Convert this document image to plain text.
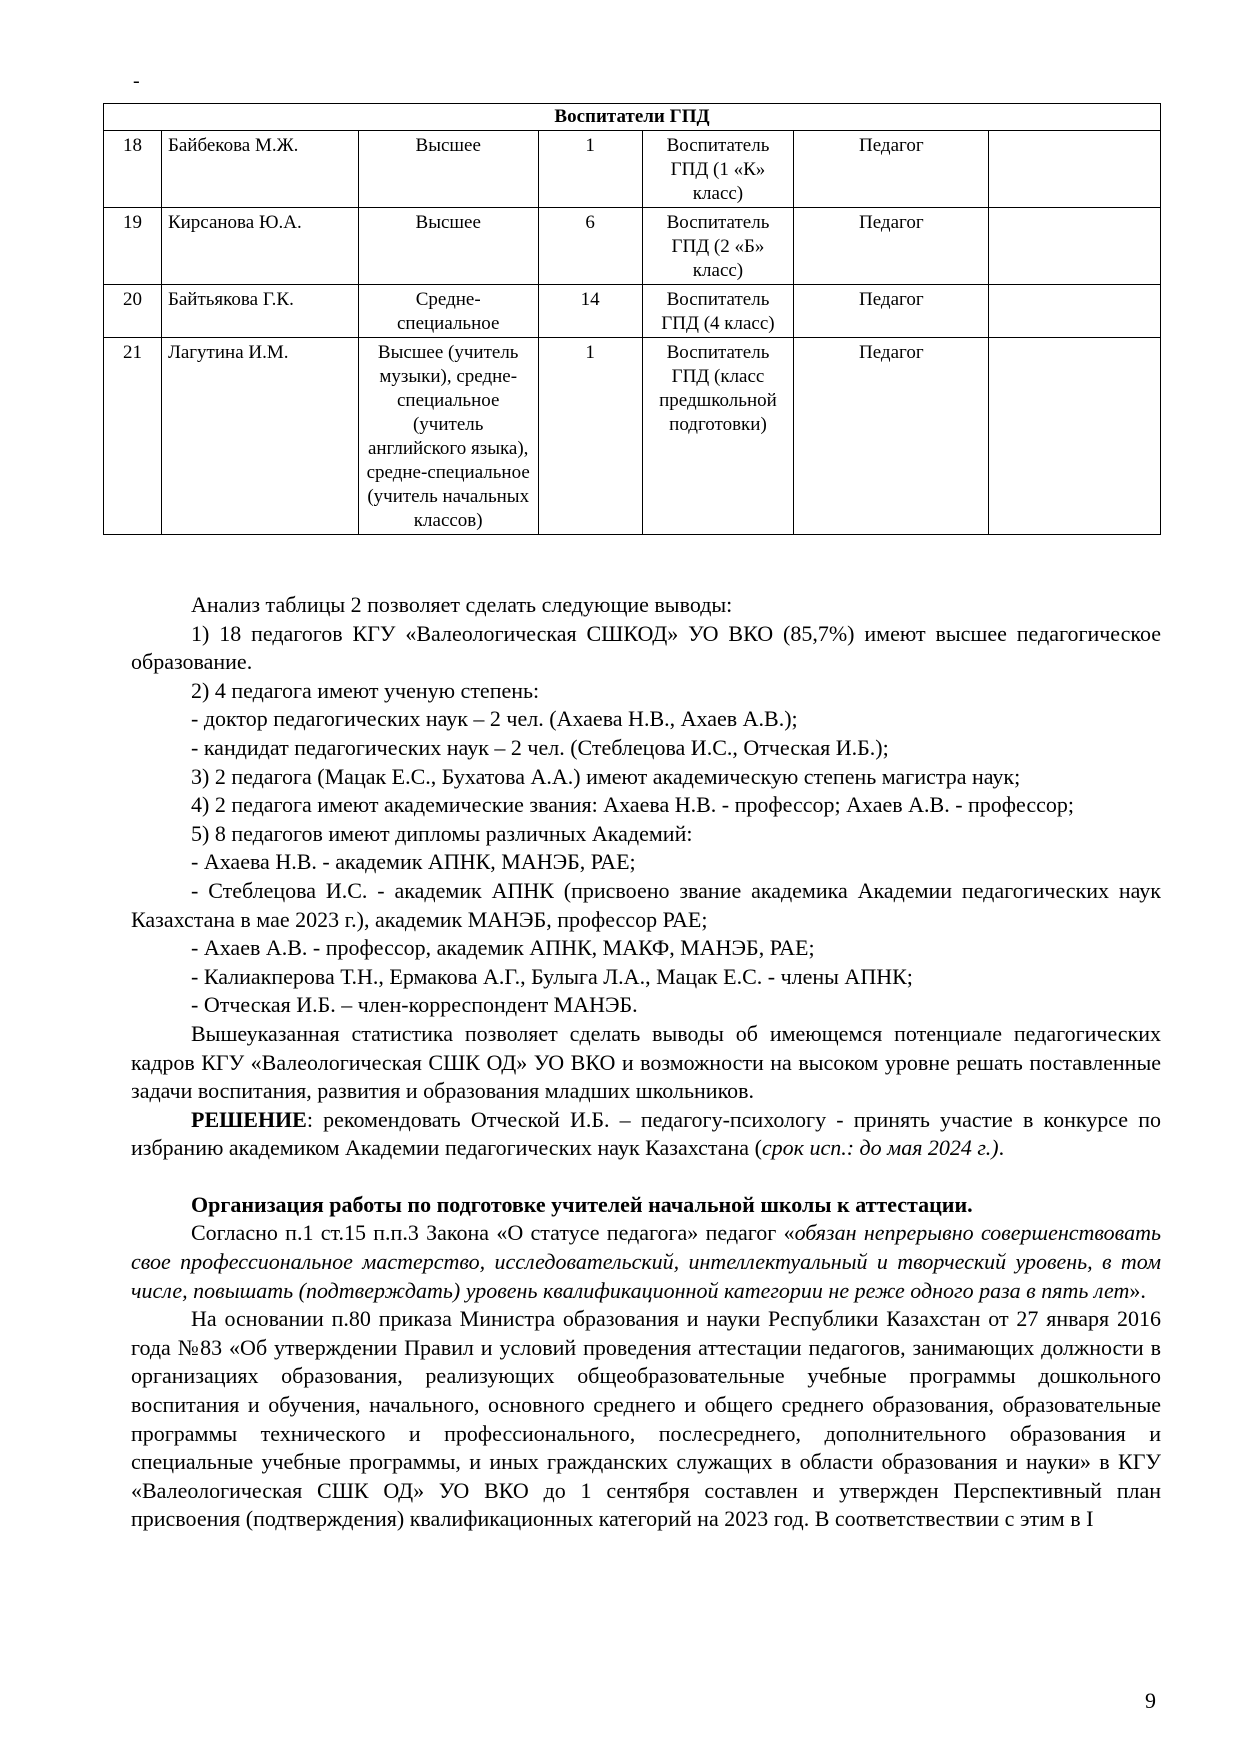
-
Воспитатели ГПД						
18	Байбекова М.Ж.	Высшее	1	Воспитатель ГПД (1 «К» класс)	Педагог	
19	Кирсанова Ю.А.	Высшее	6	Воспитатель ГПД (2 «Б» класс)	Педагог	
20	Байтьякова Г.К.	Средне-специальное	14	Воспитатель ГПД (4 класс)	Педагог	
21	Лагутина И.М.	Высшее (учитель музыки), средне-специальное (учитель английского языка), средне-специальное (учитель начальных классов)	1	Воспитатель ГПД (класс предшкольной подготовки)	Педагог	

Анализ таблицы 2 позволяет сделать следующие выводы:

1) 18 педагогов КГУ «Валеологическая СШКОД» УО ВКО (85,7%) имеют высшее педагогическое образование.

2) 4 педагога имеют ученую степень:

- доктор педагогических наук – 2 чел. (Ахаева Н.В., Ахаев А.В.);

- кандидат педагогических наук – 2 чел. (Стеблецова И.С., Отческая И.Б.);

3) 2 педагога (Мацак Е.С., Бухатова А.А.) имеют академическую степень магистра наук;

4) 2 педагога имеют академические звания: Ахаева Н.В. - профессор; Ахаев А.В. - профессор;

5) 8 педагогов имеют дипломы различных Академий:

- Ахаева Н.В. - академик АПНК, МАНЭБ, РАЕ;

- Стеблецова И.С. - академик АПНК (присвоено звание академика Академии педагогических наук Казахстана в мае 2023 г.), академик МАНЭБ, профессор РАЕ;

- Ахаев А.В. - профессор, академик АПНК, МАКФ, МАНЭБ, РАЕ;

- Калиакперова Т.Н., Ермакова А.Г., Булыга Л.А., Мацак Е.С. - члены АПНК;

- Отческая И.Б. – член-корреспондент МАНЭБ.

Вышеуказанная статистика позволяет сделать выводы об имеющемся потенциале педагогических кадров КГУ «Валеологическая СШК ОД» УО ВКО и возможности на высоком уровне решать поставленные задачи воспитания, развития и образования младших школьников.

РЕШЕНИЕ: рекомендовать Отческой И.Б. – педагогу-психологу - принять участие в конкурсе по избранию академиком Академии педагогических наук Казахстана (срок исп.: до мая 2024 г.).

Организация работы по подготовке учителей начальной школы к аттестации.

Согласно п.1 ст.15 п.п.3 Закона «О статусе педагога» педагог «обязан непрерывно совершенствовать свое профессиональное мастерство, исследовательский, интеллектуальный и творческий уровень, в том числе, повышать (подтверждать) уровень квалификационной категории не реже одного раза в пять лет».

На основании п.80 приказа Министра образования и науки Республики Казахстан от 27 января 2016 года №83 «Об утверждении Правил и условий проведения аттестации педагогов, занимающих должности в организациях образования, реализующих общеобразовательные учебные программы дошкольного воспитания и обучения, начального, основного среднего и общего среднего образования, образовательные программы технического и профессионального, послесреднего, дополнительного образования и специальные учебные программы, и иных гражданских служащих в области образования и науки» в КГУ «Валеологическая СШК ОД» УО ВКО до 1 сентября составлен и утвержден Перспективный план присвоения (подтверждения) квалификационных категорий на 2023 год. В соответствествии с этим в I

9
